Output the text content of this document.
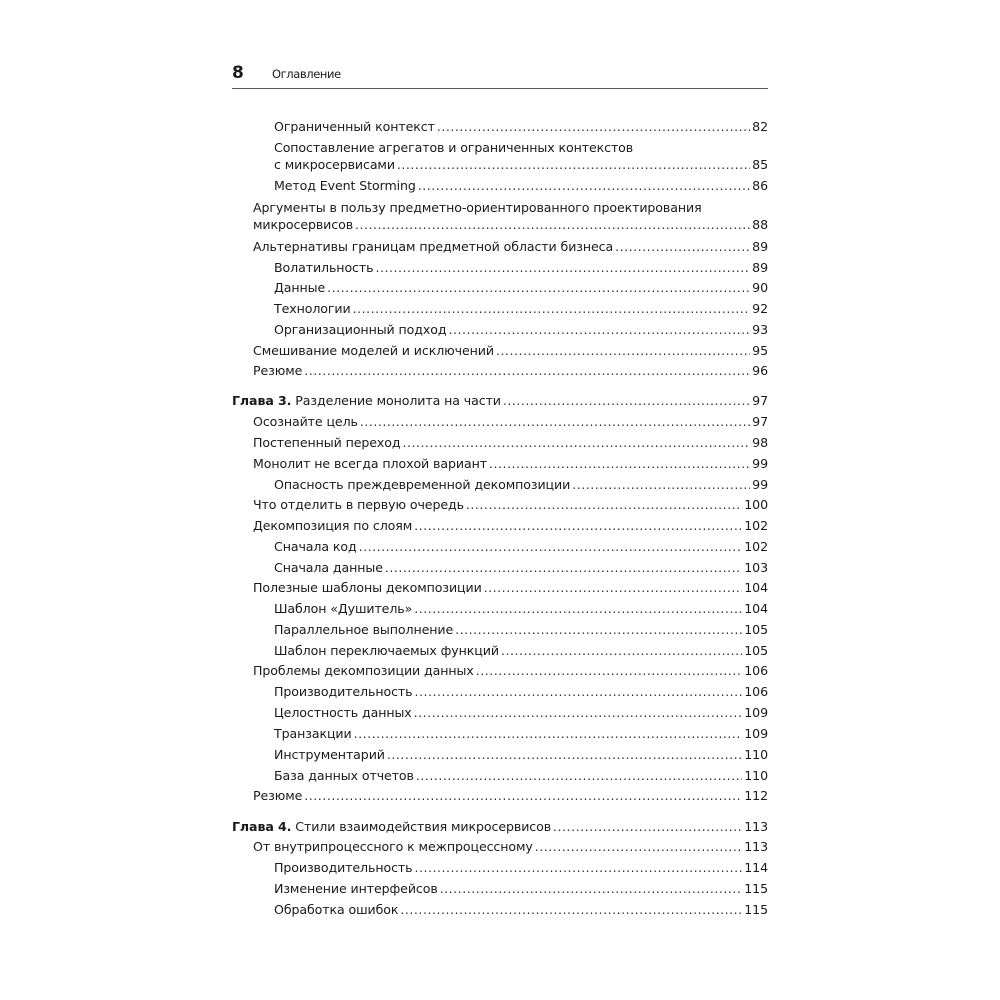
8 Оглавление
Ограниченный контекст .....	82
Сопоставление агрегатов и ограниченных контекстов
с микросервисами .....	85
Метод Event Storming .....	86
Аргументы в пользу предметно-ориентированного проектирования
микросервисов .....	88
Альтернативы границам предметной области бизнеса .....	89
Волатильность .....	89
Данные .....	90
Технологии .....	92
Организационный подход .....	93
Смешивание моделей и исключений .....	95
Резюме .....	96
Глава 3. Разделение монолита на части .....	97
Осознайте цель .....	97
Постепенный переход .....	98
Монолит не всегда плохой вариант .....	99
Опасность преждевременной декомпозиции .....	99
Что отделить в первую очередь .....	100
Декомпозиция по слоям .....	102
Сначала код .....	102
Сначала данные .....	103
Полезные шаблоны декомпозиции .....	104
Шаблон «Душитель» .....	104
Параллельное выполнение .....	105
Шаблон переключаемых функций .....	105
Проблемы декомпозиции данных .....	106
Производительность .....	106
Целостность данных .....	109
Транзакции .....	109
Инструментарий .....	110
База данных отчетов .....	110
Резюме .....	112
Глава 4. Стили взаимодействия микросервисов .....	113
От внутрипроцессного к межпроцессному .....	113
Производительность .....	114
Изменение интерфейсов .....	115
Обработка ошибок .....	115
